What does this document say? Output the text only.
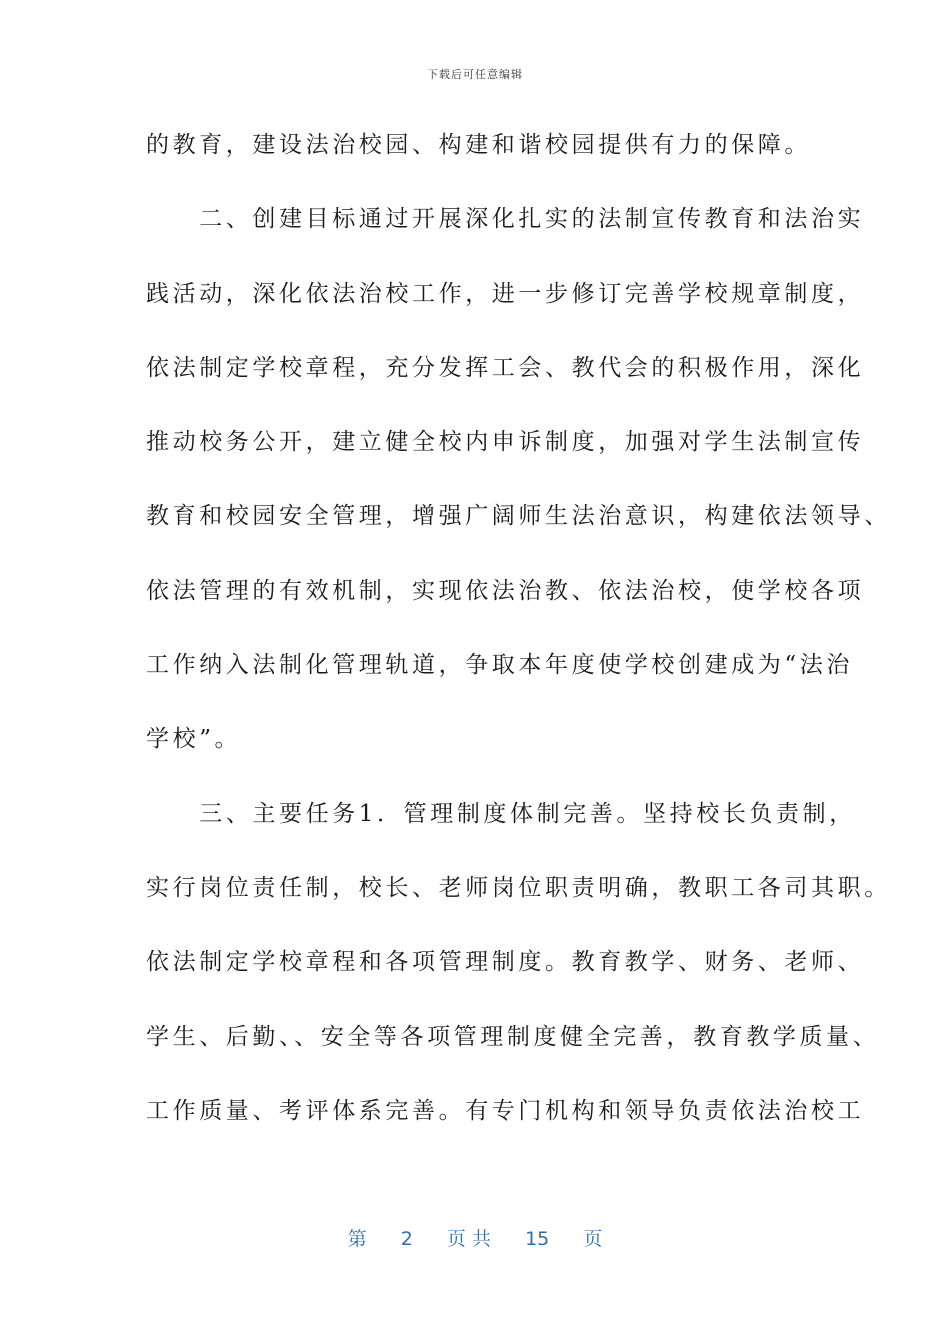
下载后可任意编辑
的教育，建设法治校园、构建和谐校园提供有力的保障。
　　二、创建目标通过开展深化扎实的法制宣传教育和法治实
践活动，深化依法治校工作，进一步修订完善学校规章制度，
依法制定学校章程，充分发挥工会、教代会的积极作用，深化
推动校务公开，建立健全校内申诉制度，加强对学生法制宣传
教育和校园安全管理，增强广阔师生法治意识，构建依法领导、
依法管理的有效机制，实现依法治教、依法治校，使学校各项
工作纳入法制化管理轨道，争取本年度使学校创建成为“法治
学校”。
　　三、主要任务1．管理制度体制完善。坚持校长负责制，
实行岗位责任制，校长、老师岗位职责明确，教职工各司其职。
依法制定学校章程和各项管理制度。教育教学、财务、老师、
学生、后勤、、安全等各项管理制度健全完善，教育教学质量、
工作质量、考评体系完善。有专门机构和领导负责依法治校工
第 2 页 共 15 页
